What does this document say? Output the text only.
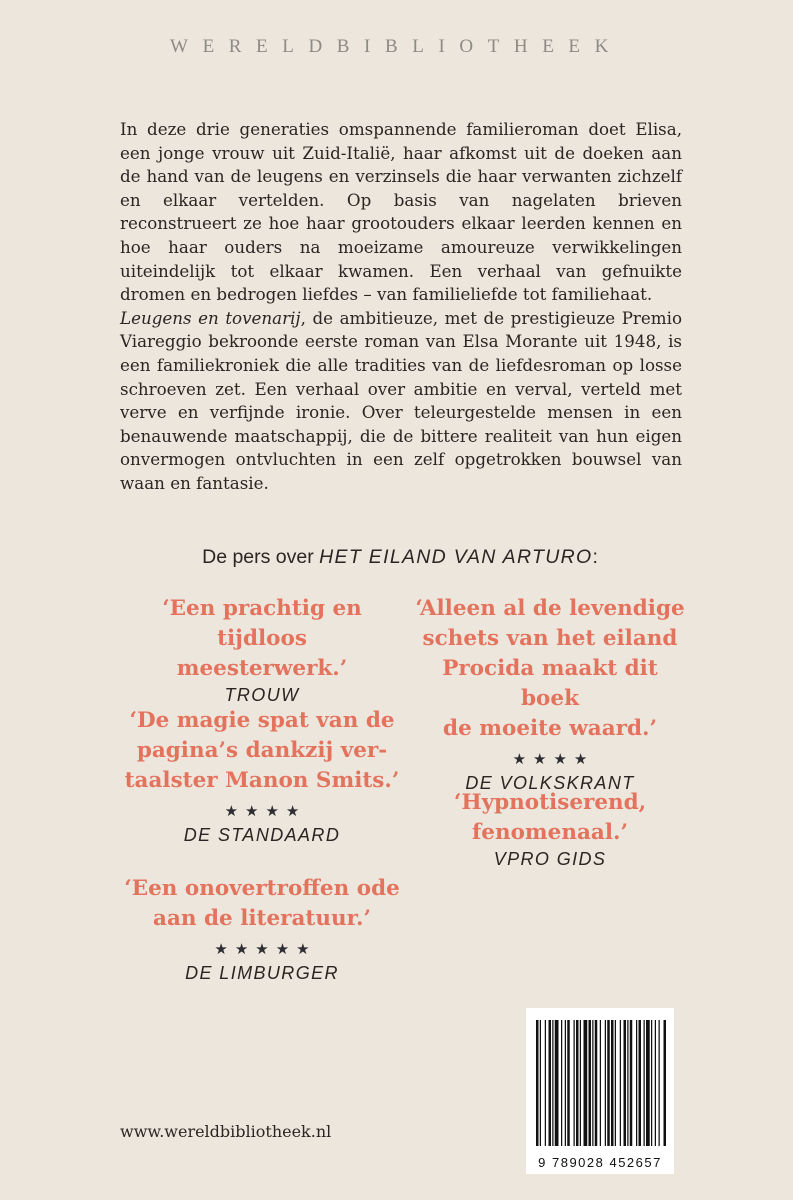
WERELDBIBLIOTHEEK

In deze drie generaties omspannende familieroman doet Elisa, een jonge vrouw uit Zuid-Italië, haar afkomst uit de doeken aan de hand van de leugens en verzinsels die haar verwanten zichzelf en elkaar vertelden. Op basis van nagelaten brieven reconstrueert ze hoe haar grootouders elkaar leerden kennen en hoe haar ouders na moeizame amoureuze verwikkelingen uiteindelijk tot elkaar kwamen. Een verhaal van gefnuikte dromen en bedrogen liefdes – van familieliefde tot familiehaat.

Leugens en tovenarij, de ambitieuze, met de prestigieuze Premio Viareggio bekroonde eerste roman van Elsa Morante uit 1948, is een familiekroniek die alle tradities van de liefdesroman op losse schroeven zet. Een verhaal over ambitie en verval, verteld met verve en verfijnde ironie. Over teleurgestelde mensen in een benauwende maatschappij, die de bittere realiteit van hun eigen onvermogen ontvluchten in een zelf opgetrokken bouwsel van waan en fantasie.

De pers over HET EILAND VAN ARTURO:

‘Een prachtig en tijdloos
meesterwerk.’

TROUW

‘Alleen al de levendige
schets van het eiland
Procida maakt dit boek
de moeite waard.’

★★★★
DE VOLKSKRANT

‘De magie spat van de
pagina’s dankzij ver-
taalster Manon Smits.’

★★★★
DE STANDAARD

‘Hypnotiserend,
fenomenaal.’

VPRO GIDS

‘Een onovertroffen ode
aan de literatuur.’

★★★★★
DE LIMBURGER
www.wereldbibliotheek.nl
9 789028 452657
